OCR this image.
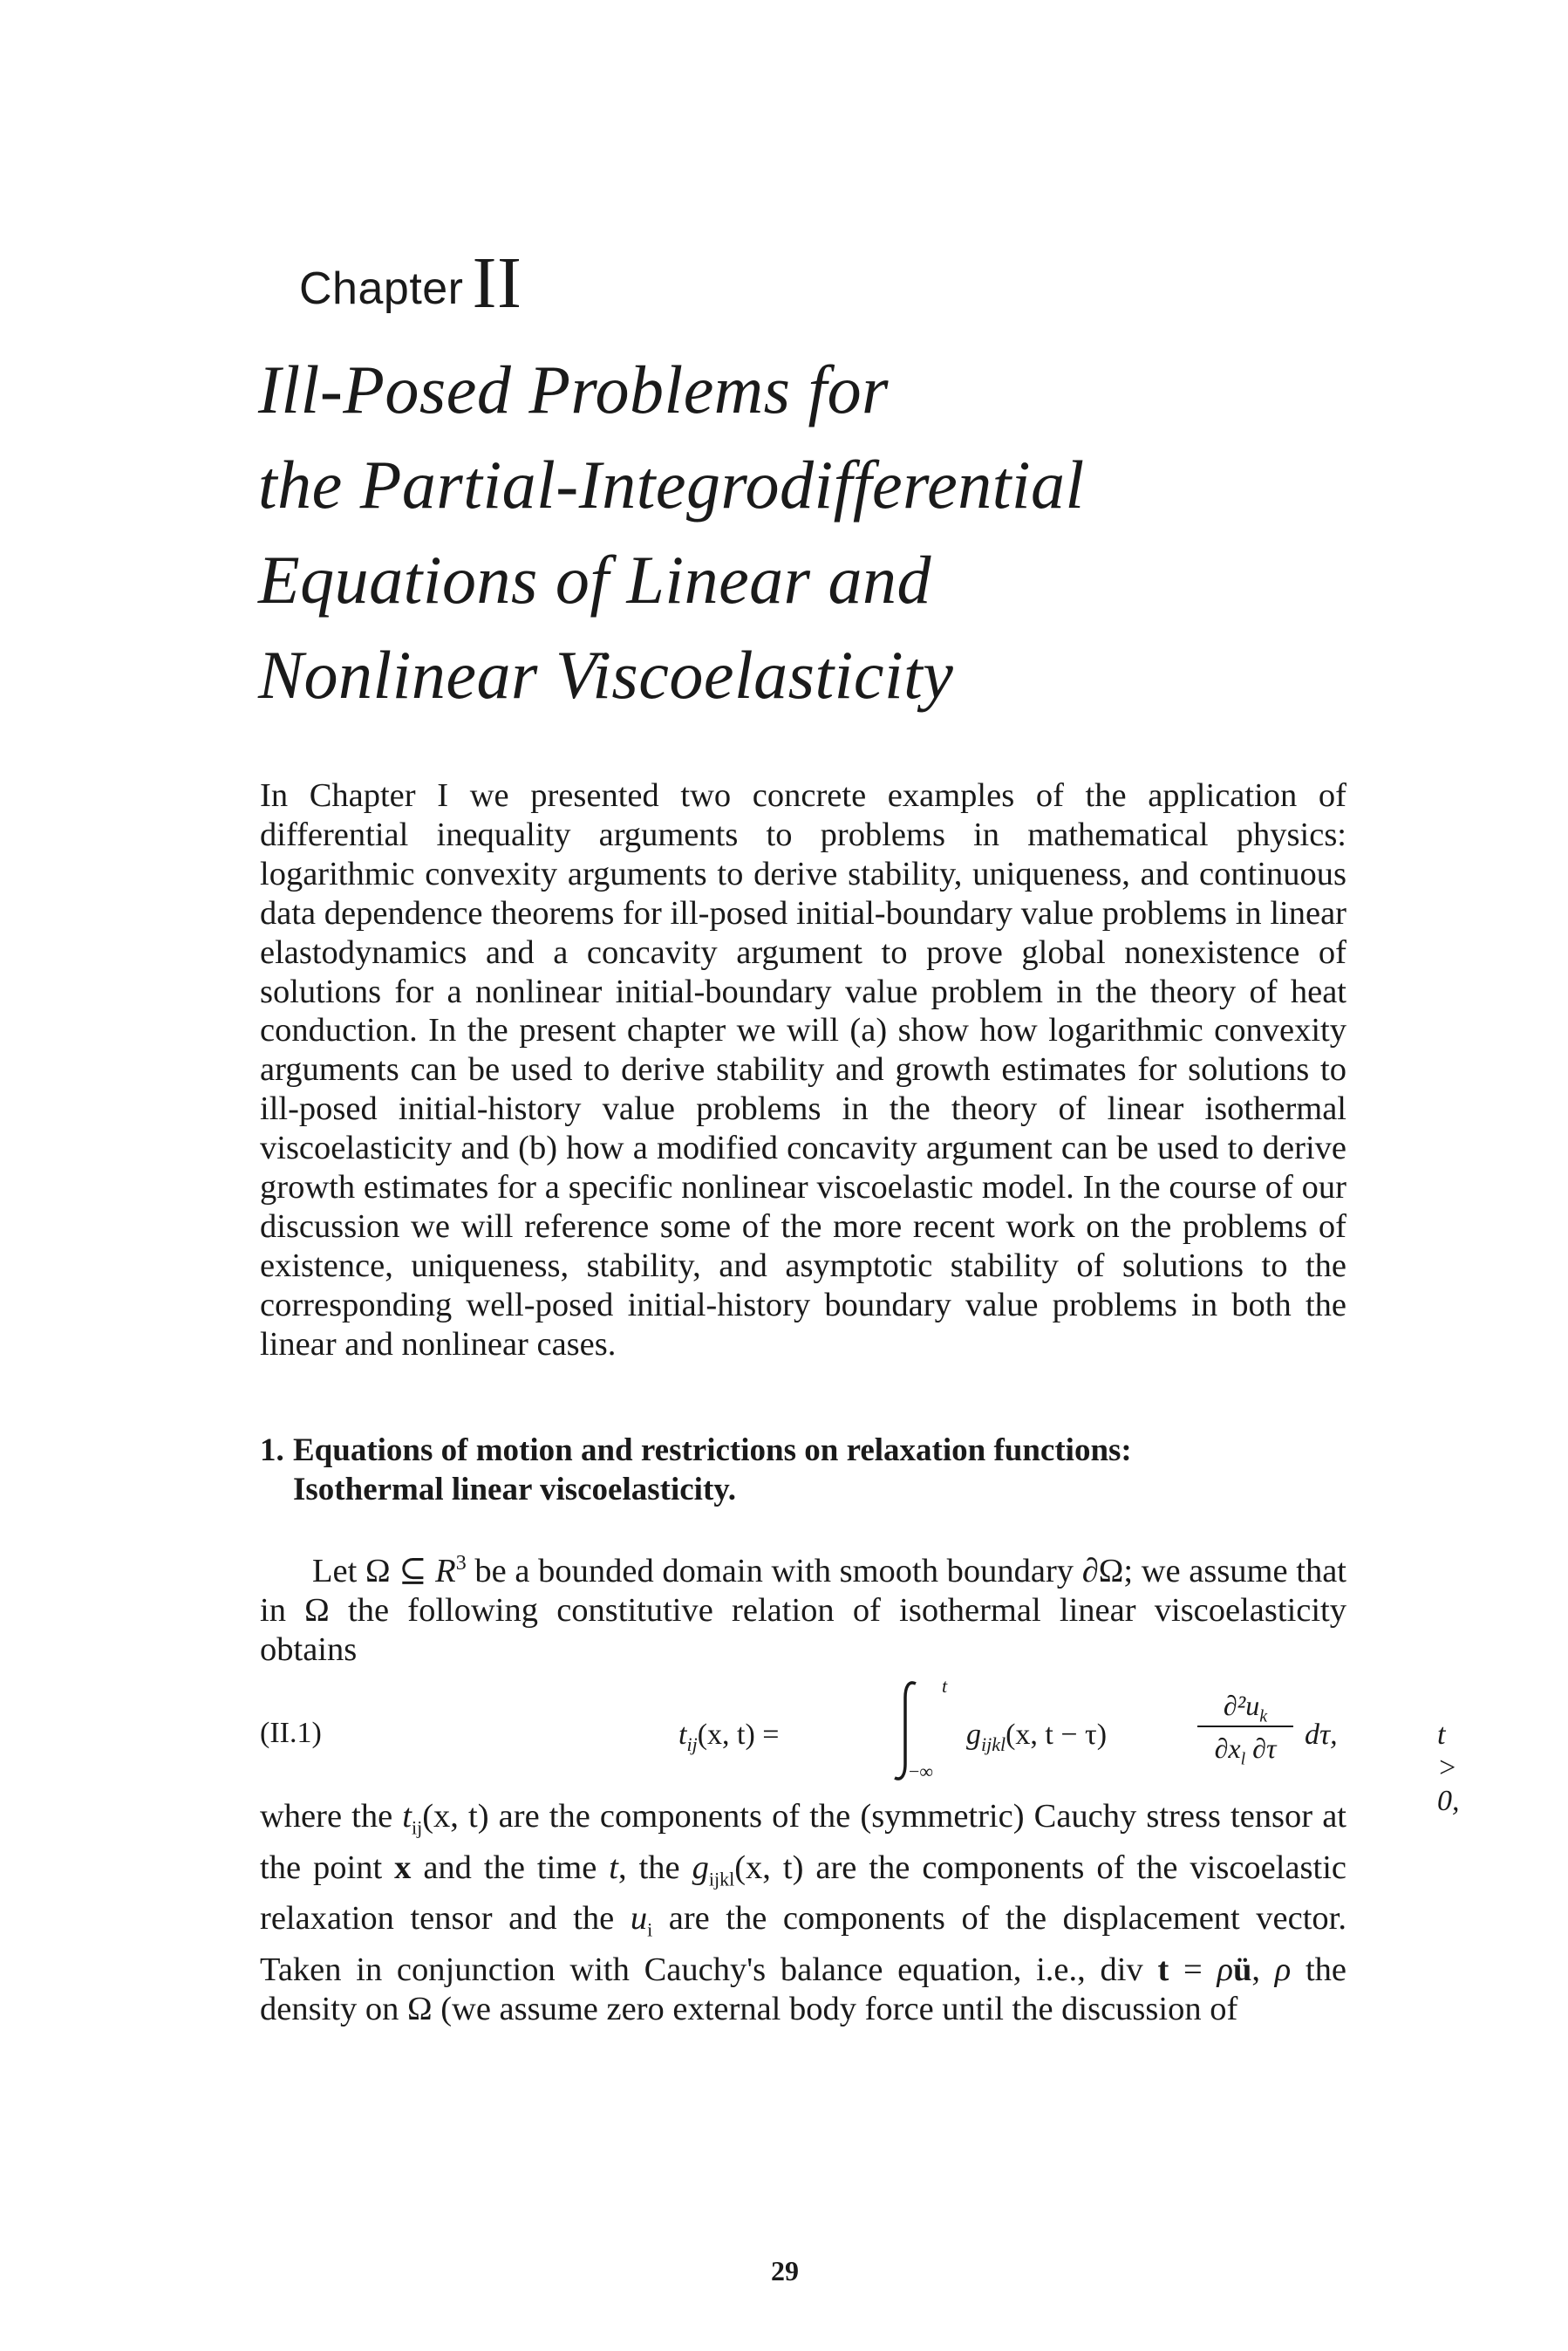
Chapter II
Ill-Posed Problems for
the Partial-Integrodifferential
Equations of Linear and
Nonlinear Viscoelasticity

In Chapter I we presented two concrete examples of the application of differential inequality arguments to problems in mathematical physics: logarithmic convexity arguments to derive stability, uniqueness, and continuous data dependence theorems for ill-posed initial-boundary value problems in linear elastodynamics and a concavity argument to prove global nonexistence of solutions for a nonlinear initial-boundary value problem in the theory of heat conduction. In the present chapter we will (a) show how logarithmic convexity arguments can be used to derive stability and growth estimates for solutions to ill-posed initial-history value problems in the theory of linear isothermal viscoelasticity and (b) how a modified concavity argument can be used to derive growth estimates for a specific nonlinear viscoelastic model. In the course of our discussion we will reference some of the more recent work on the problems of existence, uniqueness, stability, and asymptotic stability of solutions to the corresponding well-posed initial-history boundary value problems in both the linear and nonlinear cases.

1. Equations of motion and restrictions on relaxation functions:
Isothermal linear viscoelasticity.

Let Ω ⊆ $R^3$ be a bounded domain with smooth boundary ∂Ω; we assume that in Ω the following constitutive relation of isothermal linear viscoelasticity obtains

(II.1)	$t_{ij}(x$, t) =
t
−∞
$g_{ijkl}(x$, t − τ)
$\partial^2u_k$
$\partial x_l$ ∂τ dτ,	t > 0,

where the $t_{ij}(x$, t) are the components of the (symmetric) Cauchy stress tensor at the point x and the time t, the $g_{ijkl}(x$, t) are the components of the viscoelastic relaxation tensor and the $u_i$ are the components of the displacement vector. Taken in conjunction with Cauchy's balance equation, i.e., div t = ρü, ρ the density on Ω (we assume zero external body force until the discussion of

29
